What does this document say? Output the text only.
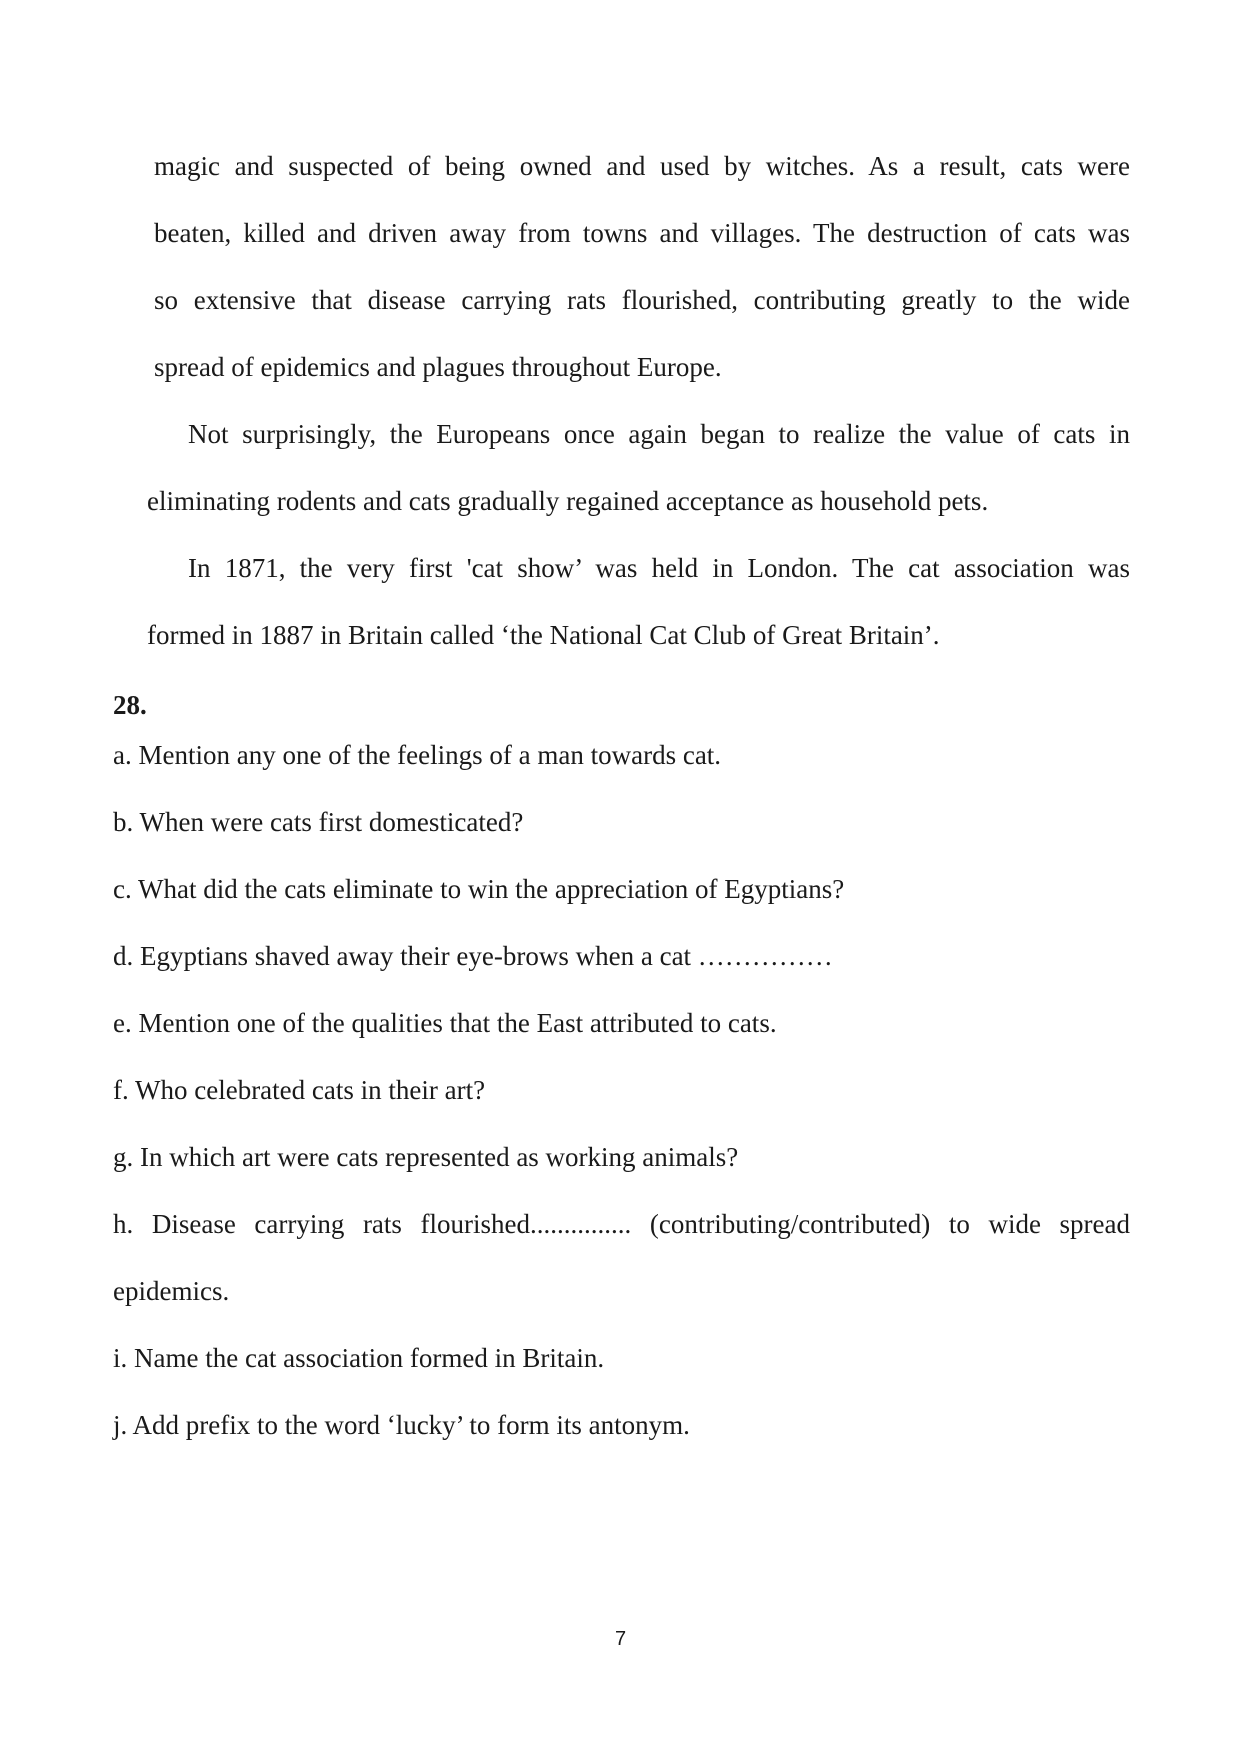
magic and suspected of being owned and used by witches. As a result, cats were
beaten, killed and driven away from towns and villages. The destruction of cats was
so extensive that disease carrying rats flourished, contributing greatly to the wide
spread of epidemics and plagues throughout Europe.
Not surprisingly, the Europeans once again began to realize the value of cats in
eliminating rodents and cats gradually regained acceptance as household pets.
In 1871, the very first 'cat show’ was held in London. The cat association was
formed in 1887 in Britain called ‘the National Cat Club of Great Britain’.
28.
a. Mention any one of the feelings of a man towards cat.
b. When were cats first domesticated?
c. What did the cats eliminate to win the appreciation of Egyptians?
d. Egyptians shaved away their eye-brows when a cat ……………
e. Mention one of the qualities that the East attributed to cats.
f. Who celebrated cats in their art?
g. In which art were cats represented as working animals?
h. Disease carrying rats flourished............... (contributing/contributed) to wide spread
epidemics.
i. Name the cat association formed in Britain.
j. Add prefix to the word ‘lucky’ to form its antonym.
7
